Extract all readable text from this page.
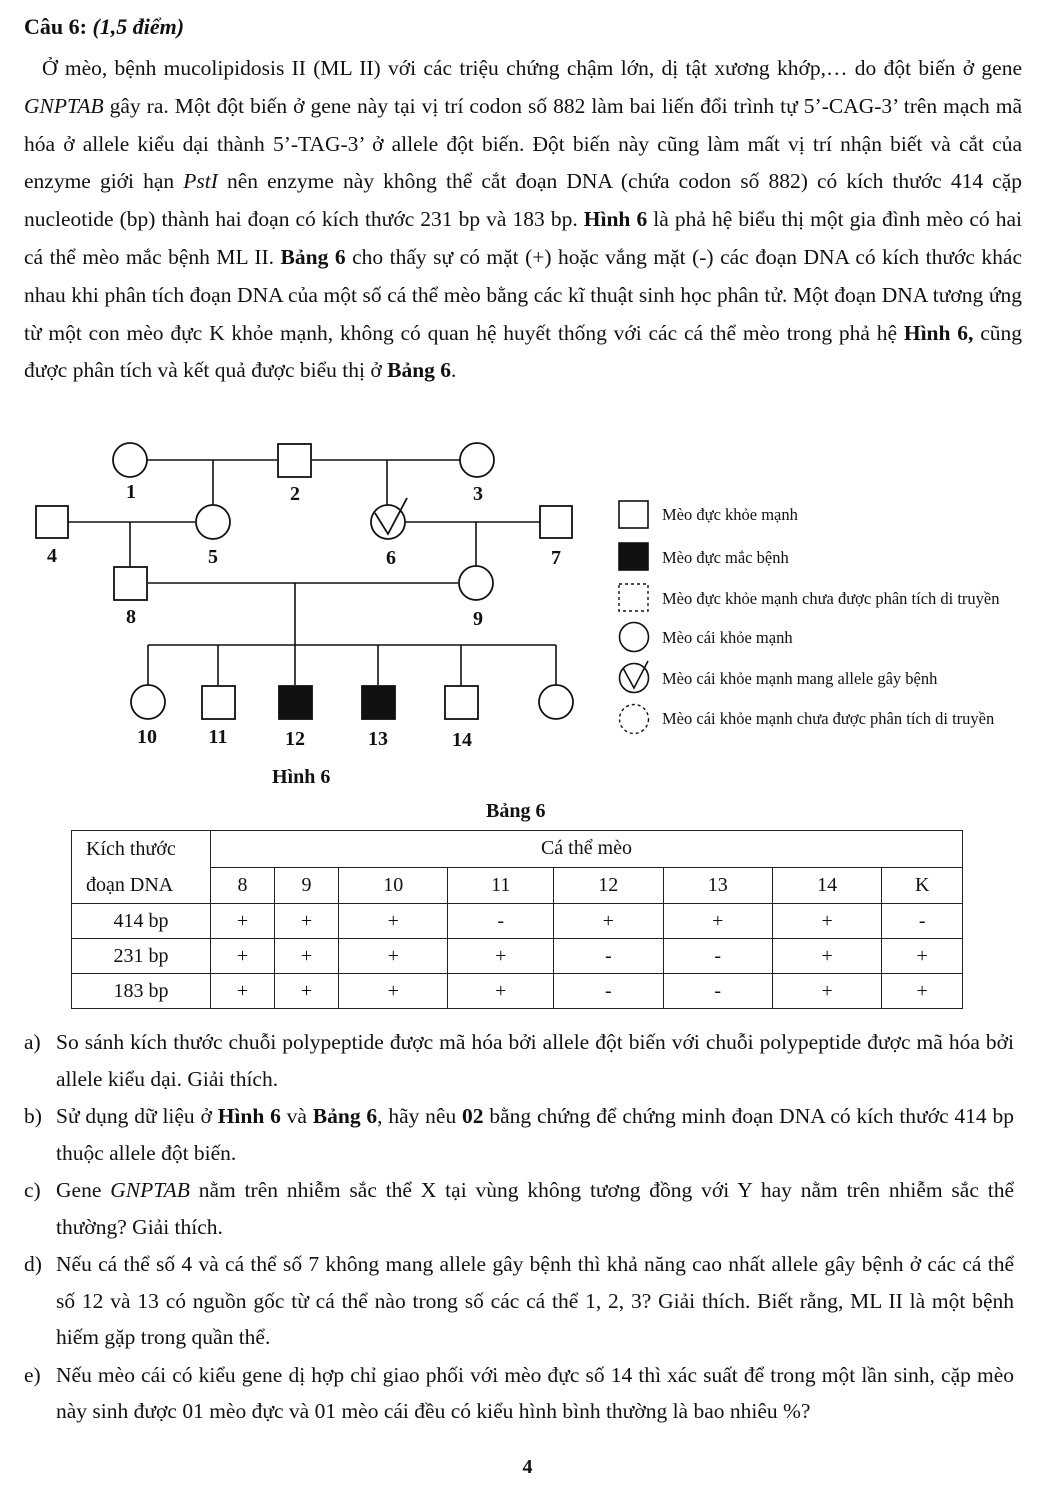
Câu 6: (1,5 điểm)
Ở mèo, bệnh mucolipidosis II (ML II) với các triệu chứng chậm lớn, dị tật xương khớp,… do đột biến ở gene GNPTAB gây ra. Một đột biến ở gene này tại vị trí codon số 882 làm bai liến đổi trình tự 5’-CAG-3’ trên mạch mã hóa ở allele kiểu dại thành 5’-TAG-3’ ở allele đột biến. Đột biến này cũng làm mất vị trí nhận biết và cắt của enzyme giới hạn PstI nên enzyme này không thể cắt đoạn DNA (chứa codon số 882) có kích thước 414 cặp nucleotide (bp) thành hai đoạn có kích thước 231 bp và 183 bp. Hình 6 là phả hệ biểu thị một gia đình mèo có hai cá thể mèo mắc bệnh ML II. Bảng 6 cho thấy sự có mặt (+) hoặc vắng mặt (-) các đoạn DNA có kích thước khác nhau khi phân tích đoạn DNA của một số cá thể mèo bằng các kĩ thuật sinh học phân tử. Một đoạn DNA tương ứng từ một con mèo đực K khỏe mạnh, không có quan hệ huyết thống với các cá thể mèo trong phả hệ Hình 6, cũng được phân tích và kết quả được biểu thị ở Bảng 6.
1	2	3
4	5	6	7
8	9
10	11	12	13	14
Mèo đực khỏe mạnh
Mèo đực mắc bệnh
Mèo đực khỏe mạnh chưa được phân tích di truyền
Mèo cái khỏe mạnh
Mèo cái khỏe mạnh mang allele gây bệnh
Mèo cái khỏe mạnh chưa được phân tích di truyền
Hình 6
Bảng 6
Kích thước
đoạn DNA	Cá thể mèo							
	8	9	10	11	12	13	14	K
414 bp	+	+	+	-	+	+	+	-
231 bp	+	+	+	+	-	-	+	+
183 bp	+	+	+	+	-	-	+	+
a) So sánh kích thước chuỗi polypeptide được mã hóa bởi allele đột biến với chuỗi polypeptide được mã hóa bởi allele kiểu dại. Giải thích.
b) Sử dụng dữ liệu ở Hình 6 và Bảng 6, hãy nêu 02 bằng chứng để chứng minh đoạn DNA có kích thước 414 bp thuộc allele đột biến.
c) Gene GNPTAB nằm trên nhiễm sắc thể X tại vùng không tương đồng với Y hay nằm trên nhiễm sắc thể thường? Giải thích.
d) Nếu cá thể số 4 và cá thể số 7 không mang allele gây bệnh thì khả năng cao nhất allele gây bệnh ở các cá thể số 12 và 13 có nguồn gốc từ cá thể nào trong số các cá thể 1, 2, 3? Giải thích. Biết rằng, ML II là một bệnh hiếm gặp trong quần thể.
e) Nếu mèo cái có kiểu gene dị hợp chỉ giao phối với mèo đực số 14 thì xác suất để trong một lần sinh, cặp mèo này sinh được 01 mèo đực và 01 mèo cái đều có kiểu hình bình thường là bao nhiêu %?
4
